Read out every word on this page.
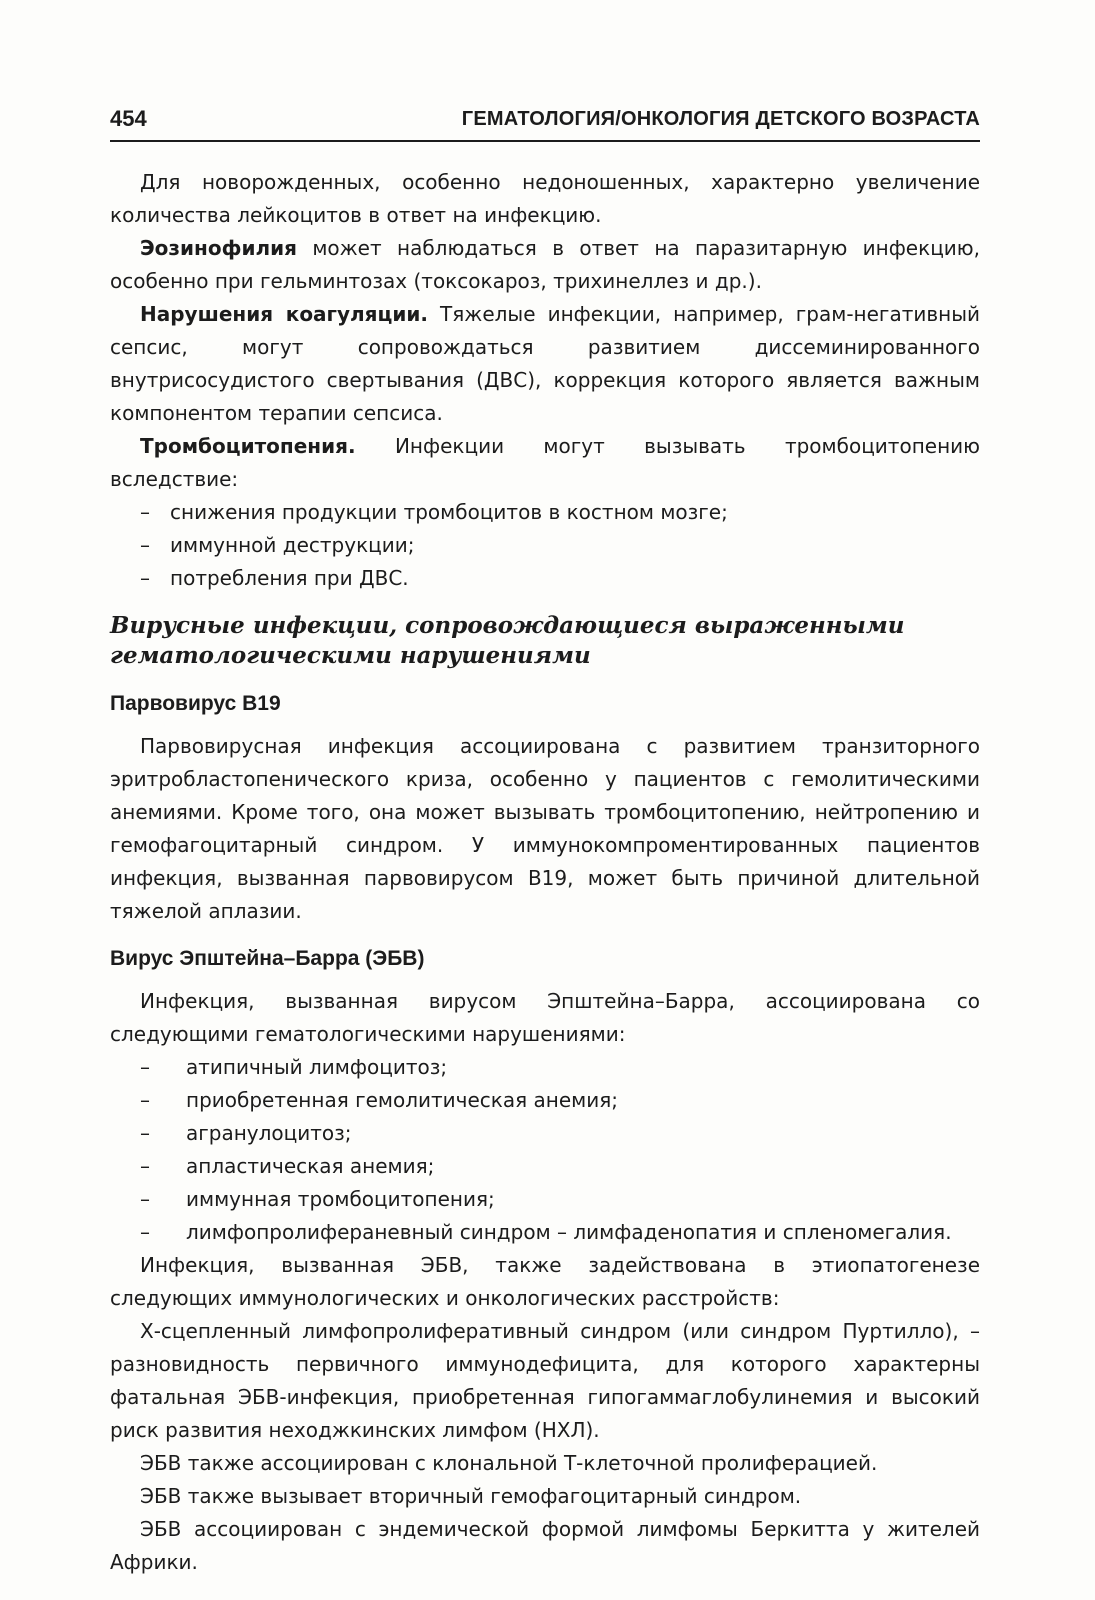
454	ГЕМАТОЛОГИЯ/ОНКОЛОГИЯ ДЕТСКОГО ВОЗРАСТА

Для новорожденных, особенно недоношенных, характерно увеличение количества лейкоцитов в ответ на инфекцию.

Эозинофилия может наблюдаться в ответ на паразитарную инфекцию, особенно при гельминтозах (токсокароз, трихинеллез и др.).

Нарушения коагуляции. Тяжелые инфекции, например, грам-негативный сепсис, могут сопровождаться развитием диссеминированного внутрисосудистого свертывания (ДВС), коррекция которого является важным компонентом терапии сепсиса.

Тромбоцитопения. Инфекции могут вызывать тромбоцитопению вследствие:

– снижения продукции тромбоцитов в костном мозге;
– иммунной деструкции;
– потребления при ДВС.
Вирусные инфекции, сопровождающиеся выраженными гематологическими нарушениями
Парвовирус В19

Парвовирусная инфекция ассоциирована с развитием транзиторного эритробластопенического криза, особенно у пациентов с гемолитическими анемиями. Кроме того, она может вызывать тромбоцитопению, нейтропению и гемофагоцитарный синдром. У иммунокомпроментированных пациентов инфекция, вызванная парвовирусом В19, может быть причиной длительной тяжелой аплазии.

Вирус Эпштейна–Барра (ЭБВ)

Инфекция, вызванная вирусом Эпштейна–Барра, ассоциирована со следующими гематологическими нарушениями:

– атипичный лимфоцитоз;
– приобретенная гемолитическая анемия;
– агранулоцитоз;
– апластическая анемия;
– иммунная тромбоцитопения;
– лимфопролифераневный синдром – лимфаденопатия и спленомегалия.

Инфекция, вызванная ЭБВ, также задействована в этиопатогенезе следующих иммунологических и онкологических расстройств:

Х-сцепленный лимфопролиферативный синдром (или синдром Пуртилло), – разновидность первичного иммунодефицита, для которого характерны фатальная ЭБВ-инфекция, приобретенная гипогаммаглобулинемия и высокий риск развития неходжкинских лимфом (НХЛ).

ЭБВ также ассоциирован с клональной Т-клеточной пролиферацией.

ЭБВ также вызывает вторичный гемофагоцитарный синдром.

ЭБВ ассоциирован с эндемической формой лимфомы Беркитта у жителей Африки.
